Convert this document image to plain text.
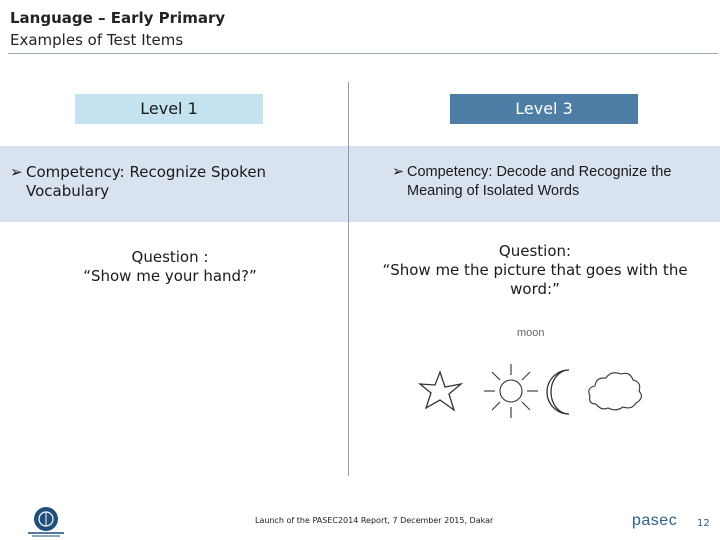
Language – Early Primary
Examples of Test Items
Level 1	Level 3
➢ Competency: Recognize Spoken Vocabulary
➢ Competency: Decode and Recognize the Meaning of Isolated Words
Question :
“Show me your hand?”
Question:
“Show me the picture that goes with the word:”
moon
Launch of the PASEC2014 Report, 7 December 2015, Dakar	pasec 12
